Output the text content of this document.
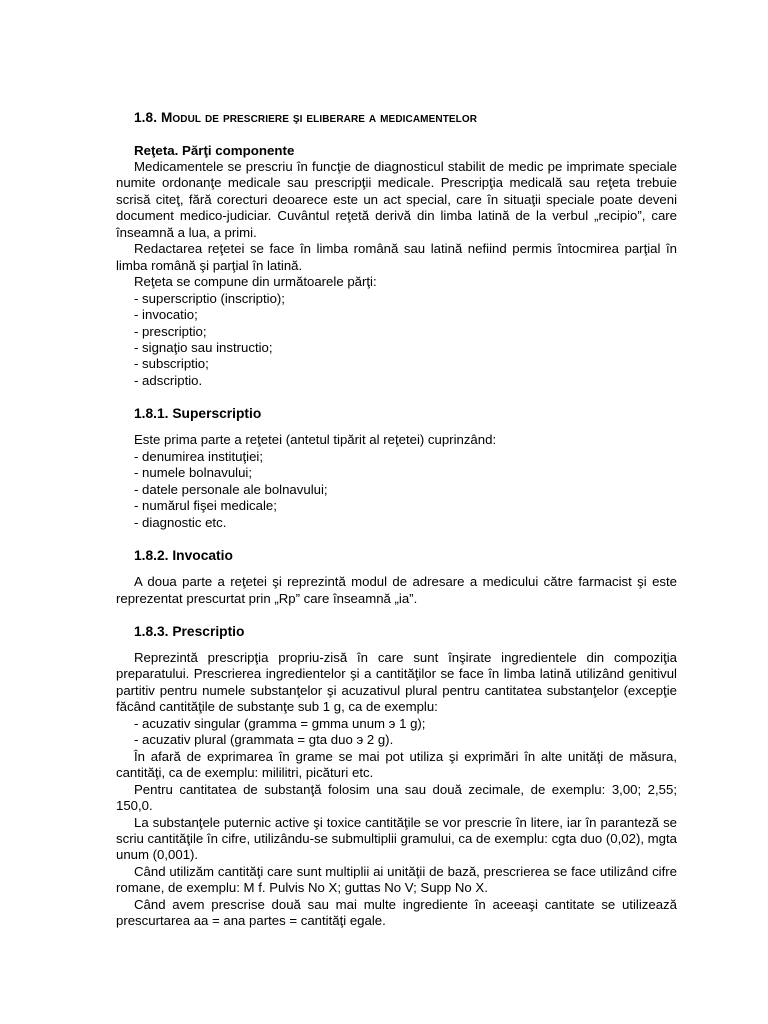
1.8. Modul de prescriere şi eliberare a medicamentelor
Reţeta. Părţi componente

Medicamentele se prescriu în funcţie de diagnosticul stabilit de medic pe imprimate speciale numite ordonanţe medicale sau prescripţii medicale. Prescripţia medicală sau reţeta trebuie scrisă citeţ, fără corecturi deoarece este un act special, care în situaţii speciale poate deveni document medico-judiciar. Cuvântul reţetă derivă din limba latină de la verbul „recipio”, care înseamnă a lua, a primi.

Redactarea reţetei se face în limba română sau latină nefiind permis întocmirea parţial în limba română şi parţial în latină.

Reţeta se compune din următoarele părţi:

- superscriptio (inscriptio);
- invocatio;
- prescriptio;
- signaţio sau instructio;
- subscriptio;
- adscriptio.
1.8.1. Superscriptio

Este prima parte a reţetei (antetul tipărit al reţetei) cuprinzând:

- denumirea instituţiei;
- numele bolnavului;
- datele personale ale bolnavului;
- numărul fişei medicale;
- diagnostic etc.
1.8.2. Invocatio

A doua parte a reţetei şi reprezintă modul de adresare a medicului către farmacist şi este reprezentat prescurtat prin „Rp” care înseamnă „ia”.

1.8.3. Prescriptio

Reprezintă prescripţia propriu-zisă în care sunt înşirate ingredientele din compoziţia preparatului. Prescrierea ingredientelor şi a cantităţilor se face în limba latină utilizând genitivul partitiv pentru numele substanţelor şi acuzativul plural pentru cantitatea substanţelor (excepţie făcând cantităţile de substanţe sub 1 g, ca de exemplu:

- acuzativ singular (gramma = gmma unum э 1 g);
- acuzativ plural (grammata = gta duo э 2 g).

În afară de exprimarea în grame se mai pot utiliza şi exprimări în alte unităţi de măsura, cantităţi, ca de exemplu: mililitri, picături etc.

Pentru cantitatea de substanţă folosim una sau două zecimale, de exemplu: 3,00; 2,55; 150,0.

La substanţele puternic active şi toxice cantităţile se vor prescrie în litere, iar în paranteză se scriu cantităţile în cifre, utilizându-se submultiplii gramului, ca de exemplu: cgta duo (0,02), mgta unum (0,001).

Când utilizăm cantităţi care sunt multiplii ai unităţii de bază, prescrierea se face utilizând cifre romane, de exemplu: M f. Pulvis No X; guttas No V; Supp No X.

Când avem prescrise două sau mai multe ingrediente în aceeaşi cantitate se utilizează prescurtarea aa = ana partes = cantităţi egale.
